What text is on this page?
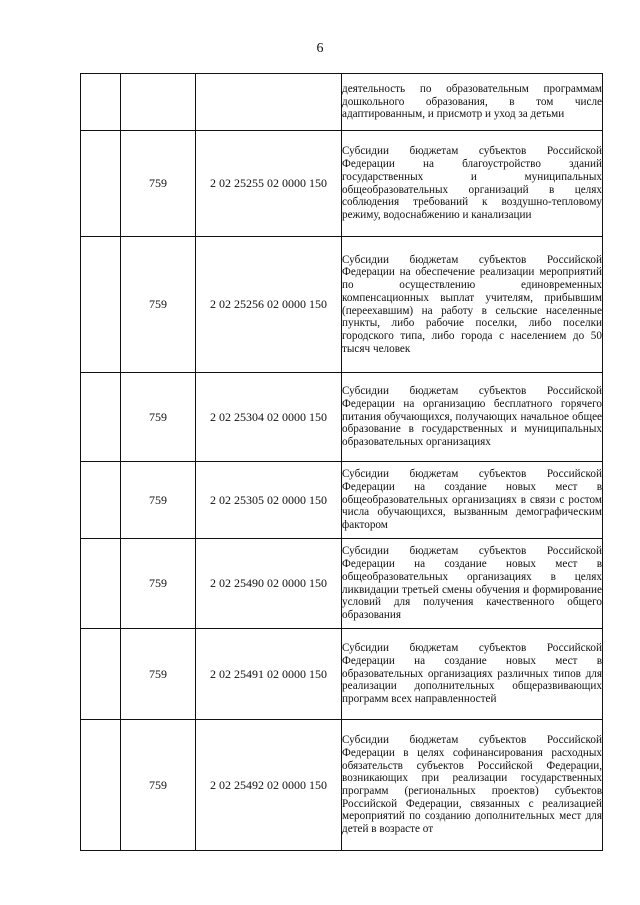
6
			деятельность по образовательным программам дошкольного образования, в том числе адаптированным, и присмотр и уход за детьми
	759	2 02 25255 02 0000 150	Субсидии бюджетам субъектов Российской Федерации на благоустройство зданий государственных и муниципальных общеобразовательных организаций в целях соблюдения требований к воздушно-тепловому режиму, водоснабжению и канализации
	759	2 02 25256 02 0000 150	Субсидии бюджетам субъектов Российской Федерации на обеспечение реализации мероприятий по осуществлению единовременных компенсационных выплат учителям, прибывшим (переехавшим) на работу в сельские населенные пункты, либо рабочие поселки, либо поселки городского типа, либо города с населением до 50 тысяч человек
	759	2 02 25304 02 0000 150	Субсидии бюджетам субъектов Российской Федерации на организацию бесплатного горячего питания обучающихся, получающих начальное общее образование в государственных и муниципальных образовательных организациях
	759	2 02 25305 02 0000 150	Субсидии бюджетам субъектов Российской Федерации на создание новых мест в общеобразовательных организациях в связи с ростом числа обучающихся, вызванным демографическим фактором
	759	2 02 25490 02 0000 150	Субсидии бюджетам субъектов Российской Федерации на создание новых мест в общеобразовательных организациях в целях ликвидации третьей смены обучения и формирование условий для получения качественного общего образования
	759	2 02 25491 02 0000 150	Субсидии бюджетам субъектов Российской Федерации на создание новых мест в образовательных организациях различных типов для реализации дополнительных общеразвивающих программ всех направленностей
	759	2 02 25492 02 0000 150	Субсидии бюджетам субъектов Российской Федерации в целях софинансирования расходных обязательств субъектов Российской Федерации, возникающих при реализации государственных программ (региональных проектов) субъектов Российской Федерации, связанных с реализацией мероприятий по созданию дополнительных мест для детей в возрасте от
